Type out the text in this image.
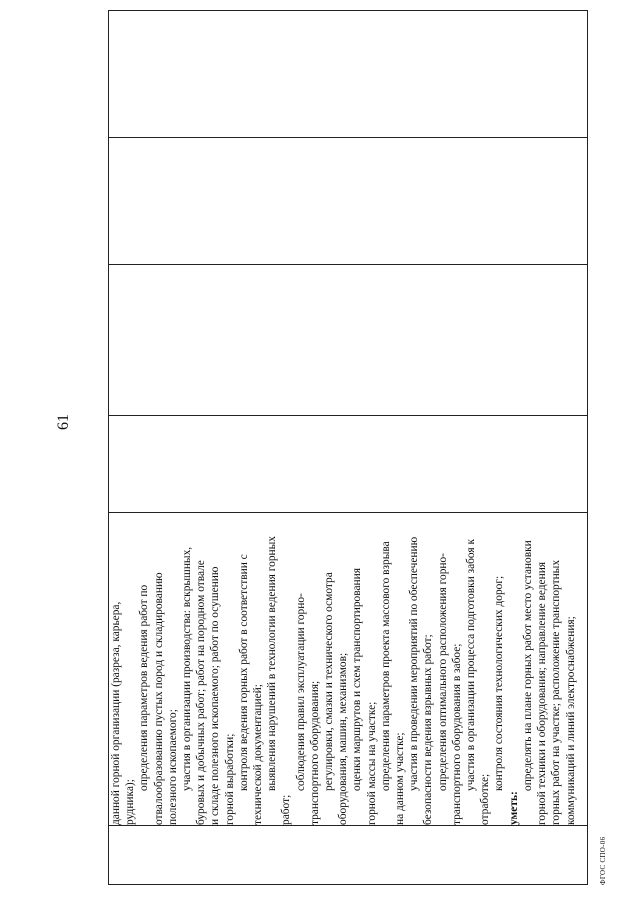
61

данной горной организации (разреза, карьера, рудника);
определения параметров ведения работ по отвалообразованию пустых пород и складированию полезного ископаемого; участия в организации производства: вскрышных, буровых и добычных работ; работ на породном отвале и складе полезного ископаемого; работ по осушению горной выработки; контроля ведения горных работ в соответствии с технической документацией; выявления нарушений в технологии ведения горных
работ;
соблюдения правил эксплуатации горно- транспортного оборудования; регулировки, смазки и технического осмотра оборудования, машин, механизмов; оценки маршрутов и схем транспортирования горной массы на участке; определения параметров проекта массового взрыва на данном участке; участия в проведении мероприятий по обеспечению безопасности ведения взрывных работ; определения оптимального расположения горно- транспортного оборудования в забое; участия в организации процесса подготовки забоя к
отработке;
контроля состояния технологических дорог;
уметь:
определять на плане горных работ место установки горной техники и оборудования; направление ведения горных работ на участке; расположение транспортных коммуникаций и линий электроснабжения;

ФГОС СПО-06
